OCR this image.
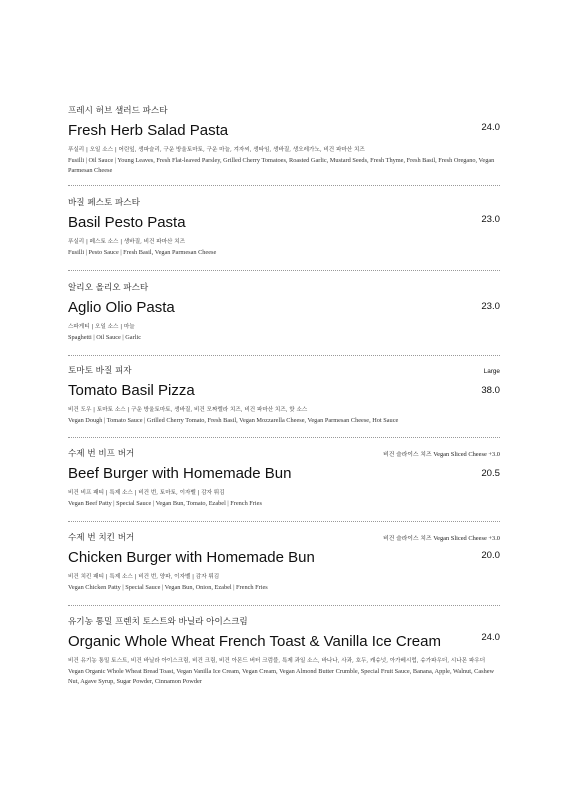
프레시 허브 샐러드 파스타
Fresh Herb Salad Pasta	24.0
푸실리 | 오일 소스 | 어린잎, 생파슬리, 구운 방울토마토, 구운 마늘, 겨자씨, 생타임, 생바질, 생오레가노, 비건 파마산 치즈
Fusilli | Oil Sauce | Young Leaves, Fresh Flat-leaved Parsley, Grilled Cherry Tomatoes, Roasted Garlic, Mustard Seeds, Fresh Thyme, Fresh Basil, Fresh Oregano, Vegan Parmesan Cheese
바질 페스토 파스타
Basil Pesto Pasta	23.0
푸실리 | 페스토 소스 | 생바질, 비건 파마산 치즈
Fusilli | Pesto Sauce | Fresh Basil, Vegan Parmesan Cheese
알리오 올리오 파스타
Aglio Olio Pasta	23.0
스파게티 | 오일 소스 | 마늘
Spaghetti | Oil Sauce | Garlic
토마토 바질 피자	Large
Tomato Basil Pizza	38.0
비건 도우 | 토마토 소스 | 구운 방울토마토, 생바질, 비건 모짜렐라 치즈, 비건 파마산 치즈, 핫 소스
Vegan Dough | Tomato Sauce | Grilled Cherry Tomato, Fresh Basil, Vegan Mozzarella Cheese, Vegan Parmesan Cheese, Hot Sauce
수제 번 비프 버거	비건 슬라이스 치즈 Vegan Sliced Cheese +3.0
Beef Burger with Homemade Bun	20.5
비건 비프 패티 | 특제 소스 | 비건 번, 토마토, 이자벨 | 감자 튀김
Vegan Beef Patty | Special Sauce | Vegan Bun, Tomato, Ezabel | French Fries
수제 번 치킨 버거	비건 슬라이스 치즈 Vegan Sliced Cheese +3.0
Chicken Burger with Homemade Bun	20.0
비건 치킨 패티 | 특제 소스 | 비건 번, 양파, 이자벨 | 감자 튀김
Vegan Chicken Patty | Special Sauce | Vegan Bun, Onion, Ezabel | French Fries
유기농 통밀 프렌치 토스트와 바닐라 아이스크림
Organic Whole Wheat French Toast & Vanilla Ice Cream	24.0
비건 유기농 통밀 토스트, 비건 바닐라 아이스크림, 비건 크림, 비건 아몬드 버터 크럼블, 특제 과일 소스, 바나나, 사과, 호두, 캐슈넛, 아가베시럽, 슈가파우더, 시나몬 파우더
Vegan Organic Whole Wheat Bread Toast, Vegan Vanilla Ice Cream, Vegan Cream, Vegan Almond Butter Crumble, Special Fruit Sauce, Banana, Apple, Walnut, Cashew Nut, Agave Syrup, Sugar Powder, Cinnamon Powder
